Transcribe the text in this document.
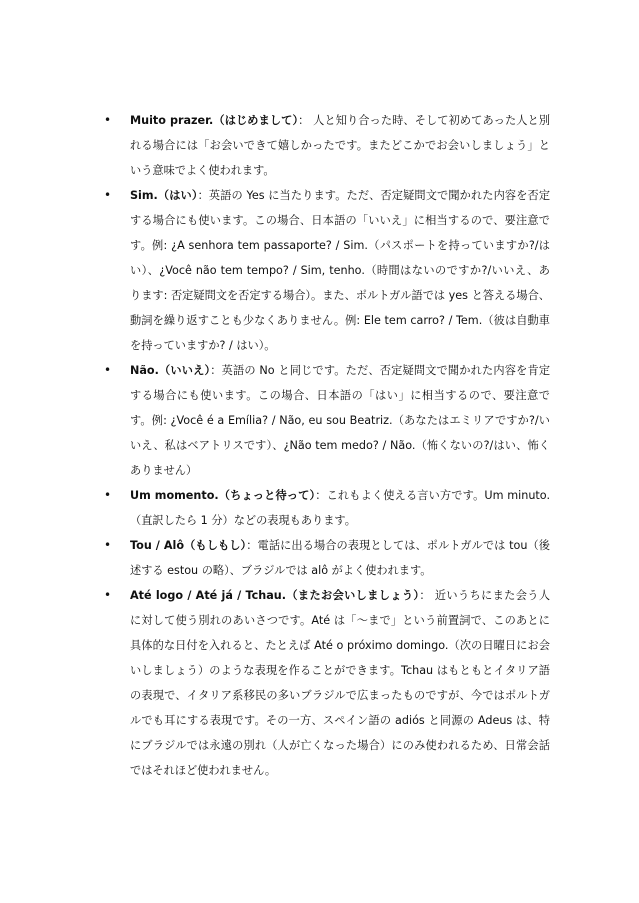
•	Muito prazer.（はじめまして）： 人と知り合った時、そして初めてあった人と別れる場合には「お会いできて嬉しかったです。またどこかでお会いしましょう」という意味でよく使われます。
•	Sim.（はい）：英語の Yes に当たります。ただ、否定疑問文で聞かれた内容を否定する場合にも使います。この場合、日本語の「いいえ」に相当するので、要注意です。例: ¿A senhora tem passaporte? / Sim.（パスポートを持っていますか?/はい）、¿Você não tem tempo? / Sim, tenho.（時間はないのですか?/いいえ、あります: 否定疑問文を否定する場合）。また、ポルトガル語では yes と答える場合、動詞を繰り返すことも少なくありません。例: Ele tem carro? / Tem.（彼は自動車を持っていますか? / はい）。
•	Não.（いいえ）：英語の No と同じです。ただ、否定疑問文で聞かれた内容を肯定する場合にも使います。この場合、日本語の「はい」に相当するので、要注意です。例: ¿Você é a Emília? / Não, eu sou Beatriz.（あなたはエミリアですか?/いいえ、私はベアトリスです）、¿Não tem medo? / Não.（怖くないの?/はい、怖くありません）
•	Um momento.（ちょっと待って）：これもよく使える言い方です。Um minuto.（直訳したら 1 分）などの表現もあります。
•	Tou / Alô（もしもし）：電話に出る場合の表現としては、ポルトガルでは tou（後述する estou の略）、ブラジルでは alô がよく使われます。
•	Até logo / Até já / Tchau.（またお会いしましょう）： 近いうちにまた会う人に対して使う別れのあいさつです。Até は「～まで」という前置詞で、このあとに具体的な日付を入れると、たとえば Até o próximo domingo.（次の日曜日にお会いしましょう）のような表現を作ることができます。Tchau はもともとイタリア語の表現で、イタリア系移民の多いブラジルで広まったものですが、今ではポルトガルでも耳にする表現です。その一方、スペイン語の adiós と同源の Adeus は、特にブラジルでは永遠の別れ（人が亡くなった場合）にのみ使われるため、日常会話ではそれほど使われません。
